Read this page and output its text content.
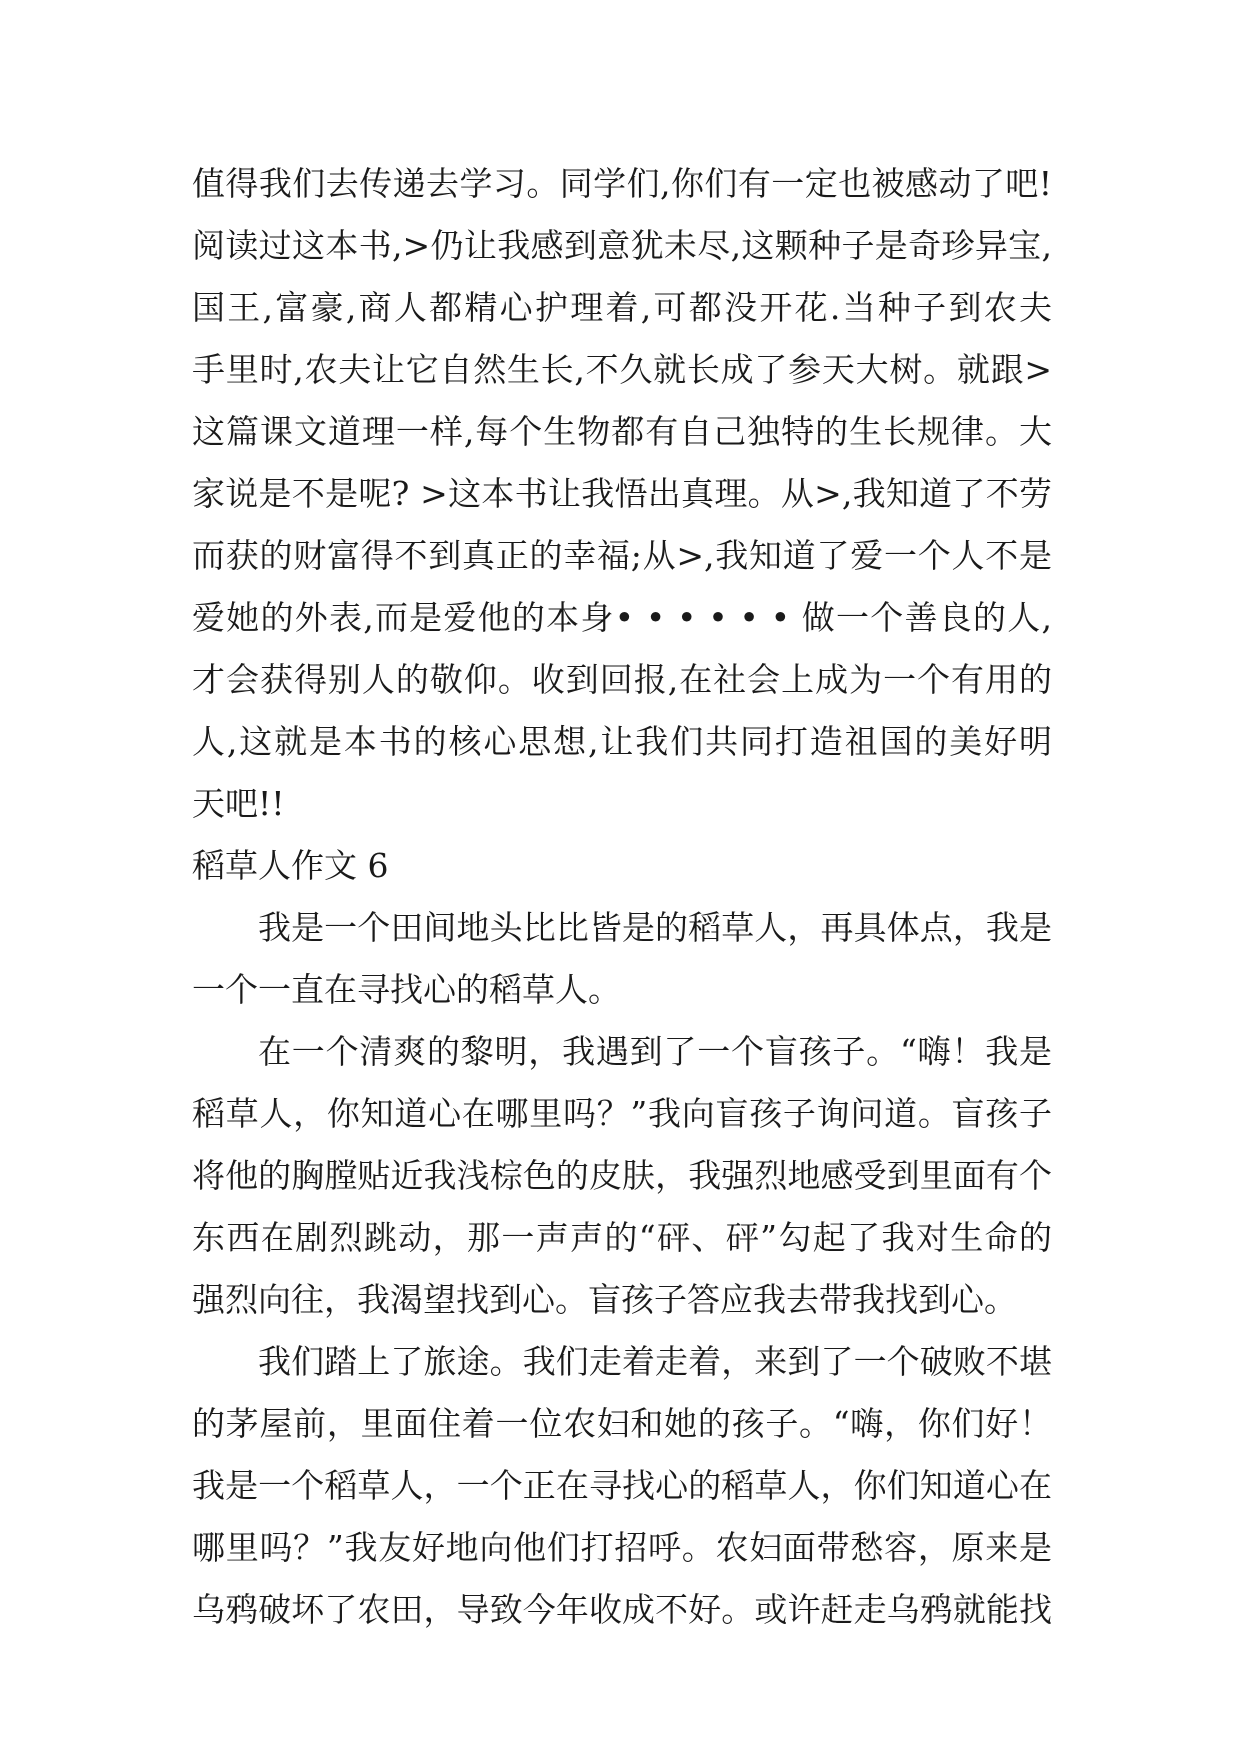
值得我们去传递去学习。同学们,你们有一定也被感动了吧!
阅读过这本书,>仍让我感到意犹未尽,这颗种子是奇珍异宝,
国王,富豪,商人都精心护理着,可都没开花.当种子到农夫
手里时,农夫让它自然生长,不久就长成了参天大树。就跟>
这篇课文道理一样,每个生物都有自己独特的生长规律。大
家说是不是呢? >这本书让我悟出真理。从>,我知道了不劳
而获的财富得不到真正的幸福;从>,我知道了爱一个人不是
爱她的外表,而是爱他的本身• • • • • • 做一个善良的人,
才会获得别人的敬仰。收到回报,在社会上成为一个有用的
人,这就是本书的核心思想,让我们共同打造祖国的美好明
天吧!!
稻草人作文 6
我是一个田间地头比比皆是的稻草人，再具体点，我是
一个一直在寻找心的稻草人。
在一个清爽的黎明，我遇到了一个盲孩子。“嗨！我是
稻草人，你知道心在哪里吗？”我向盲孩子询问道。盲孩子
将他的胸膛贴近我浅棕色的皮肤，我强烈地感受到里面有个
东西在剧烈跳动，那一声声的“砰、砰”勾起了我对生命的
强烈向往，我渴望找到心。盲孩子答应我去带我找到心。
我们踏上了旅途。我们走着走着，来到了一个破败不堪
的茅屋前，里面住着一位农妇和她的孩子。“嗨，你们好！
我是一个稻草人，一个正在寻找心的稻草人，你们知道心在
哪里吗？”我友好地向他们打招呼。农妇面带愁容，原来是
乌鸦破坏了农田，导致今年收成不好。或许赶走乌鸦就能找
